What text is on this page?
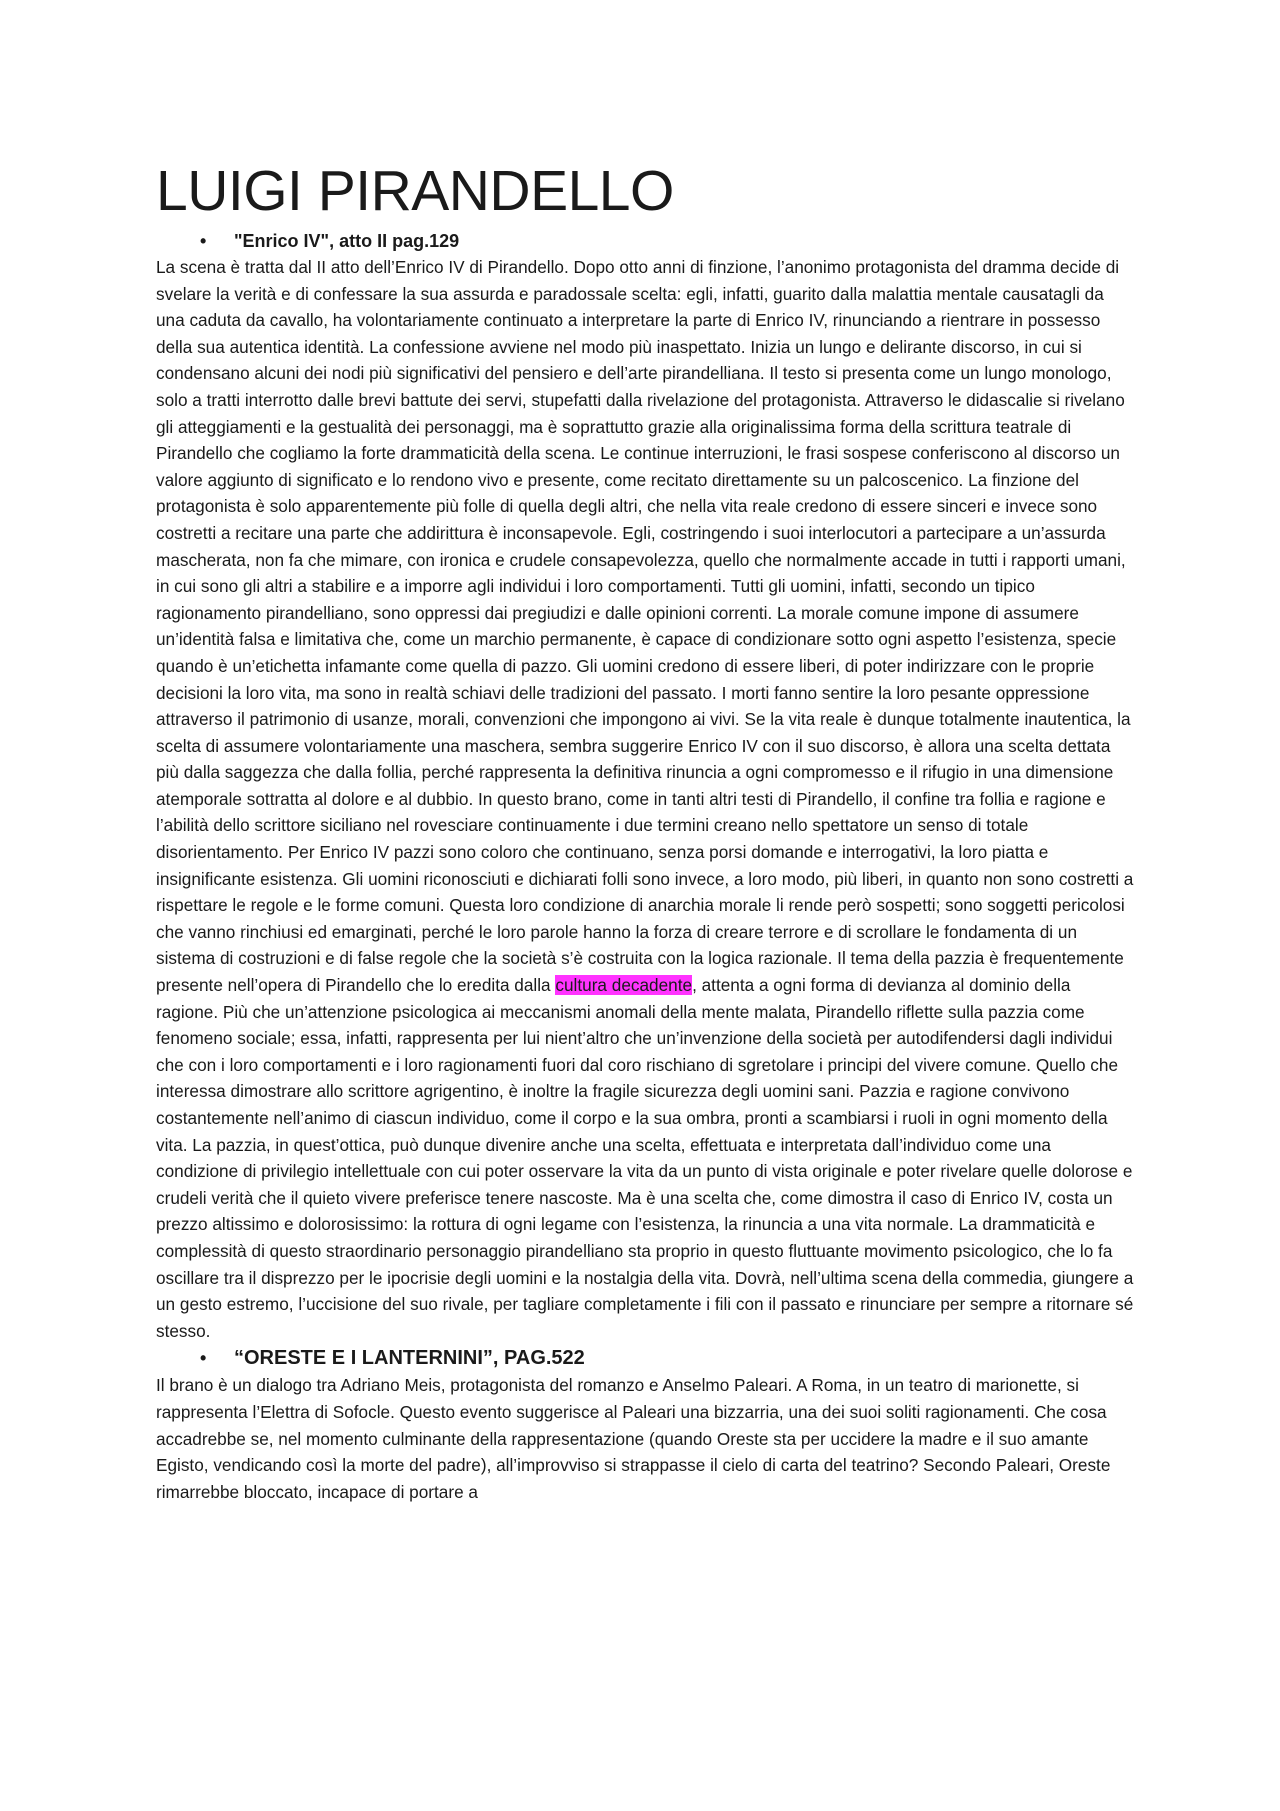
LUIGI PIRANDELLO
• "Enrico IV", atto II pag.129

La scena è tratta dal II atto dell’Enrico IV di Pirandello. Dopo otto anni di finzione, l’anonimo protagonista del dramma decide di svelare la verità e di confessare la sua assurda e paradossale scelta: egli, infatti, guarito dalla malattia mentale causatagli da una caduta da cavallo, ha volontariamente continuato a interpretare la parte di Enrico IV, rinunciando a rientrare in possesso della sua autentica identità. La confessione avviene nel modo più inaspettato. Inizia un lungo e delirante discorso, in cui si condensano alcuni dei nodi più significativi del pensiero e dell’arte pirandelliana. Il testo si presenta come un lungo monologo, solo a tratti interrotto dalle brevi battute dei servi, stupefatti dalla rivelazione del protagonista. Attraverso le didascalie si rivelano gli atteggiamenti e la gestualità dei personaggi, ma è soprattutto grazie alla originalissima forma della scrittura teatrale di Pirandello che cogliamo la forte drammaticità della scena. Le continue interruzioni, le frasi sospese conferiscono al discorso un valore aggiunto di significato e lo rendono vivo e presente, come recitato direttamente su un palcoscenico. La finzione del protagonista è solo apparentemente più folle di quella degli altri, che nella vita reale credono di essere sinceri e invece sono costretti a recitare una parte che addirittura è inconsapevole. Egli, costringendo i suoi interlocutori a partecipare a un’assurda mascherata, non fa che mimare, con ironica e crudele consapevolezza, quello che normalmente accade in tutti i rapporti umani, in cui sono gli altri a stabilire e a imporre agli individui i loro comportamenti. Tutti gli uomini, infatti, secondo un tipico ragionamento pirandelliano, sono oppressi dai pregiudizi e dalle opinioni correnti. La morale comune impone di assumere un’identità falsa e limitativa che, come un marchio permanente, è capace di condizionare sotto ogni aspetto l’esistenza, specie quando è un’etichetta infamante come quella di pazzo. Gli uomini credono di essere liberi, di poter indirizzare con le proprie decisioni la loro vita, ma sono in realtà schiavi delle tradizioni del passato. I morti fanno sentire la loro pesante oppressione attraverso il patrimonio di usanze, morali, convenzioni che impongono ai vivi. Se la vita reale è dunque totalmente inautentica, la scelta di assumere volontariamente una maschera, sembra suggerire Enrico IV con il suo discorso, è allora una scelta dettata più dalla saggezza che dalla follia, perché rappresenta la definitiva rinuncia a ogni compromesso e il rifugio in una dimensione atemporale sottratta al dolore e al dubbio. In questo brano, come in tanti altri testi di Pirandello, il confine tra follia e ragione e l’abilità dello scrittore siciliano nel rovesciare continuamente i due termini creano nello spettatore un senso di totale disorientamento. Per Enrico IV pazzi sono coloro che continuano, senza porsi domande e interrogativi, la loro piatta e insignificante esistenza. Gli uomini riconosciuti e dichiarati folli sono invece, a loro modo, più liberi, in quanto non sono costretti a rispettare le regole e le forme comuni. Questa loro condizione di anarchia morale li rende però sospetti; sono soggetti pericolosi che vanno rinchiusi ed emarginati, perché le loro parole hanno la forza di creare terrore e di scrollare le fondamenta di un sistema di costruzioni e di false regole che la società s’è costruita con la logica razionale. Il tema della pazzia è frequentemente presente nell’opera di Pirandello che lo eredita dalla cultura decadente, attenta a ogni forma di devianza al dominio della ragione. Più che un’attenzione psicologica ai meccanismi anomali della mente malata, Pirandello riflette sulla pazzia come fenomeno sociale; essa, infatti, rappresenta per lui nient’altro che un’invenzione della società per autodifendersi dagli individui che con i loro comportamenti e i loro ragionamenti fuori dal coro rischiano di sgretolare i principi del vivere comune. Quello che interessa dimostrare allo scrittore agrigentino, è inoltre la fragile sicurezza degli uomini sani. Pazzia e ragione convivono costantemente nell’animo di ciascun individuo, come il corpo e la sua ombra, pronti a scambiarsi i ruoli in ogni momento della vita. La pazzia, in quest’ottica, può dunque divenire anche una scelta, effettuata e interpretata dall’individuo come una condizione di privilegio intellettuale con cui poter osservare la vita da un punto di vista originale e poter rivelare quelle dolorose e crudeli verità che il quieto vivere preferisce tenere nascoste. Ma è una scelta che, come dimostra il caso di Enrico IV, costa un prezzo altissimo e dolorosissimo: la rottura di ogni legame con l’esistenza, la rinuncia a una vita normale. La drammaticità e complessità di questo straordinario personaggio pirandelliano sta proprio in questo fluttuante movimento psicologico, che lo fa oscillare tra il disprezzo per le ipocrisie degli uomini e la nostalgia della vita. Dovrà, nell’ultima scena della commedia, giungere a un gesto estremo, l’uccisione del suo rivale, per tagliare completamente i fili con il passato e rinunciare per sempre a ritornare sé stesso.

• “ORESTE E I LANTERNINI”, PAG.522

Il brano è un dialogo tra Adriano Meis, protagonista del romanzo e Anselmo Paleari. A Roma, in un teatro di marionette, si rappresenta l’Elettra di Sofocle. Questo evento suggerisce al Paleari una bizzarria, una dei suoi soliti ragionamenti. Che cosa accadrebbe se, nel momento culminante della rappresentazione (quando Oreste sta per uccidere la madre e il suo amante Egisto, vendicando così la morte del padre), all’improvviso si strappasse il cielo di carta del teatrino? Secondo Paleari, Oreste rimarrebbe bloccato, incapace di portare a
